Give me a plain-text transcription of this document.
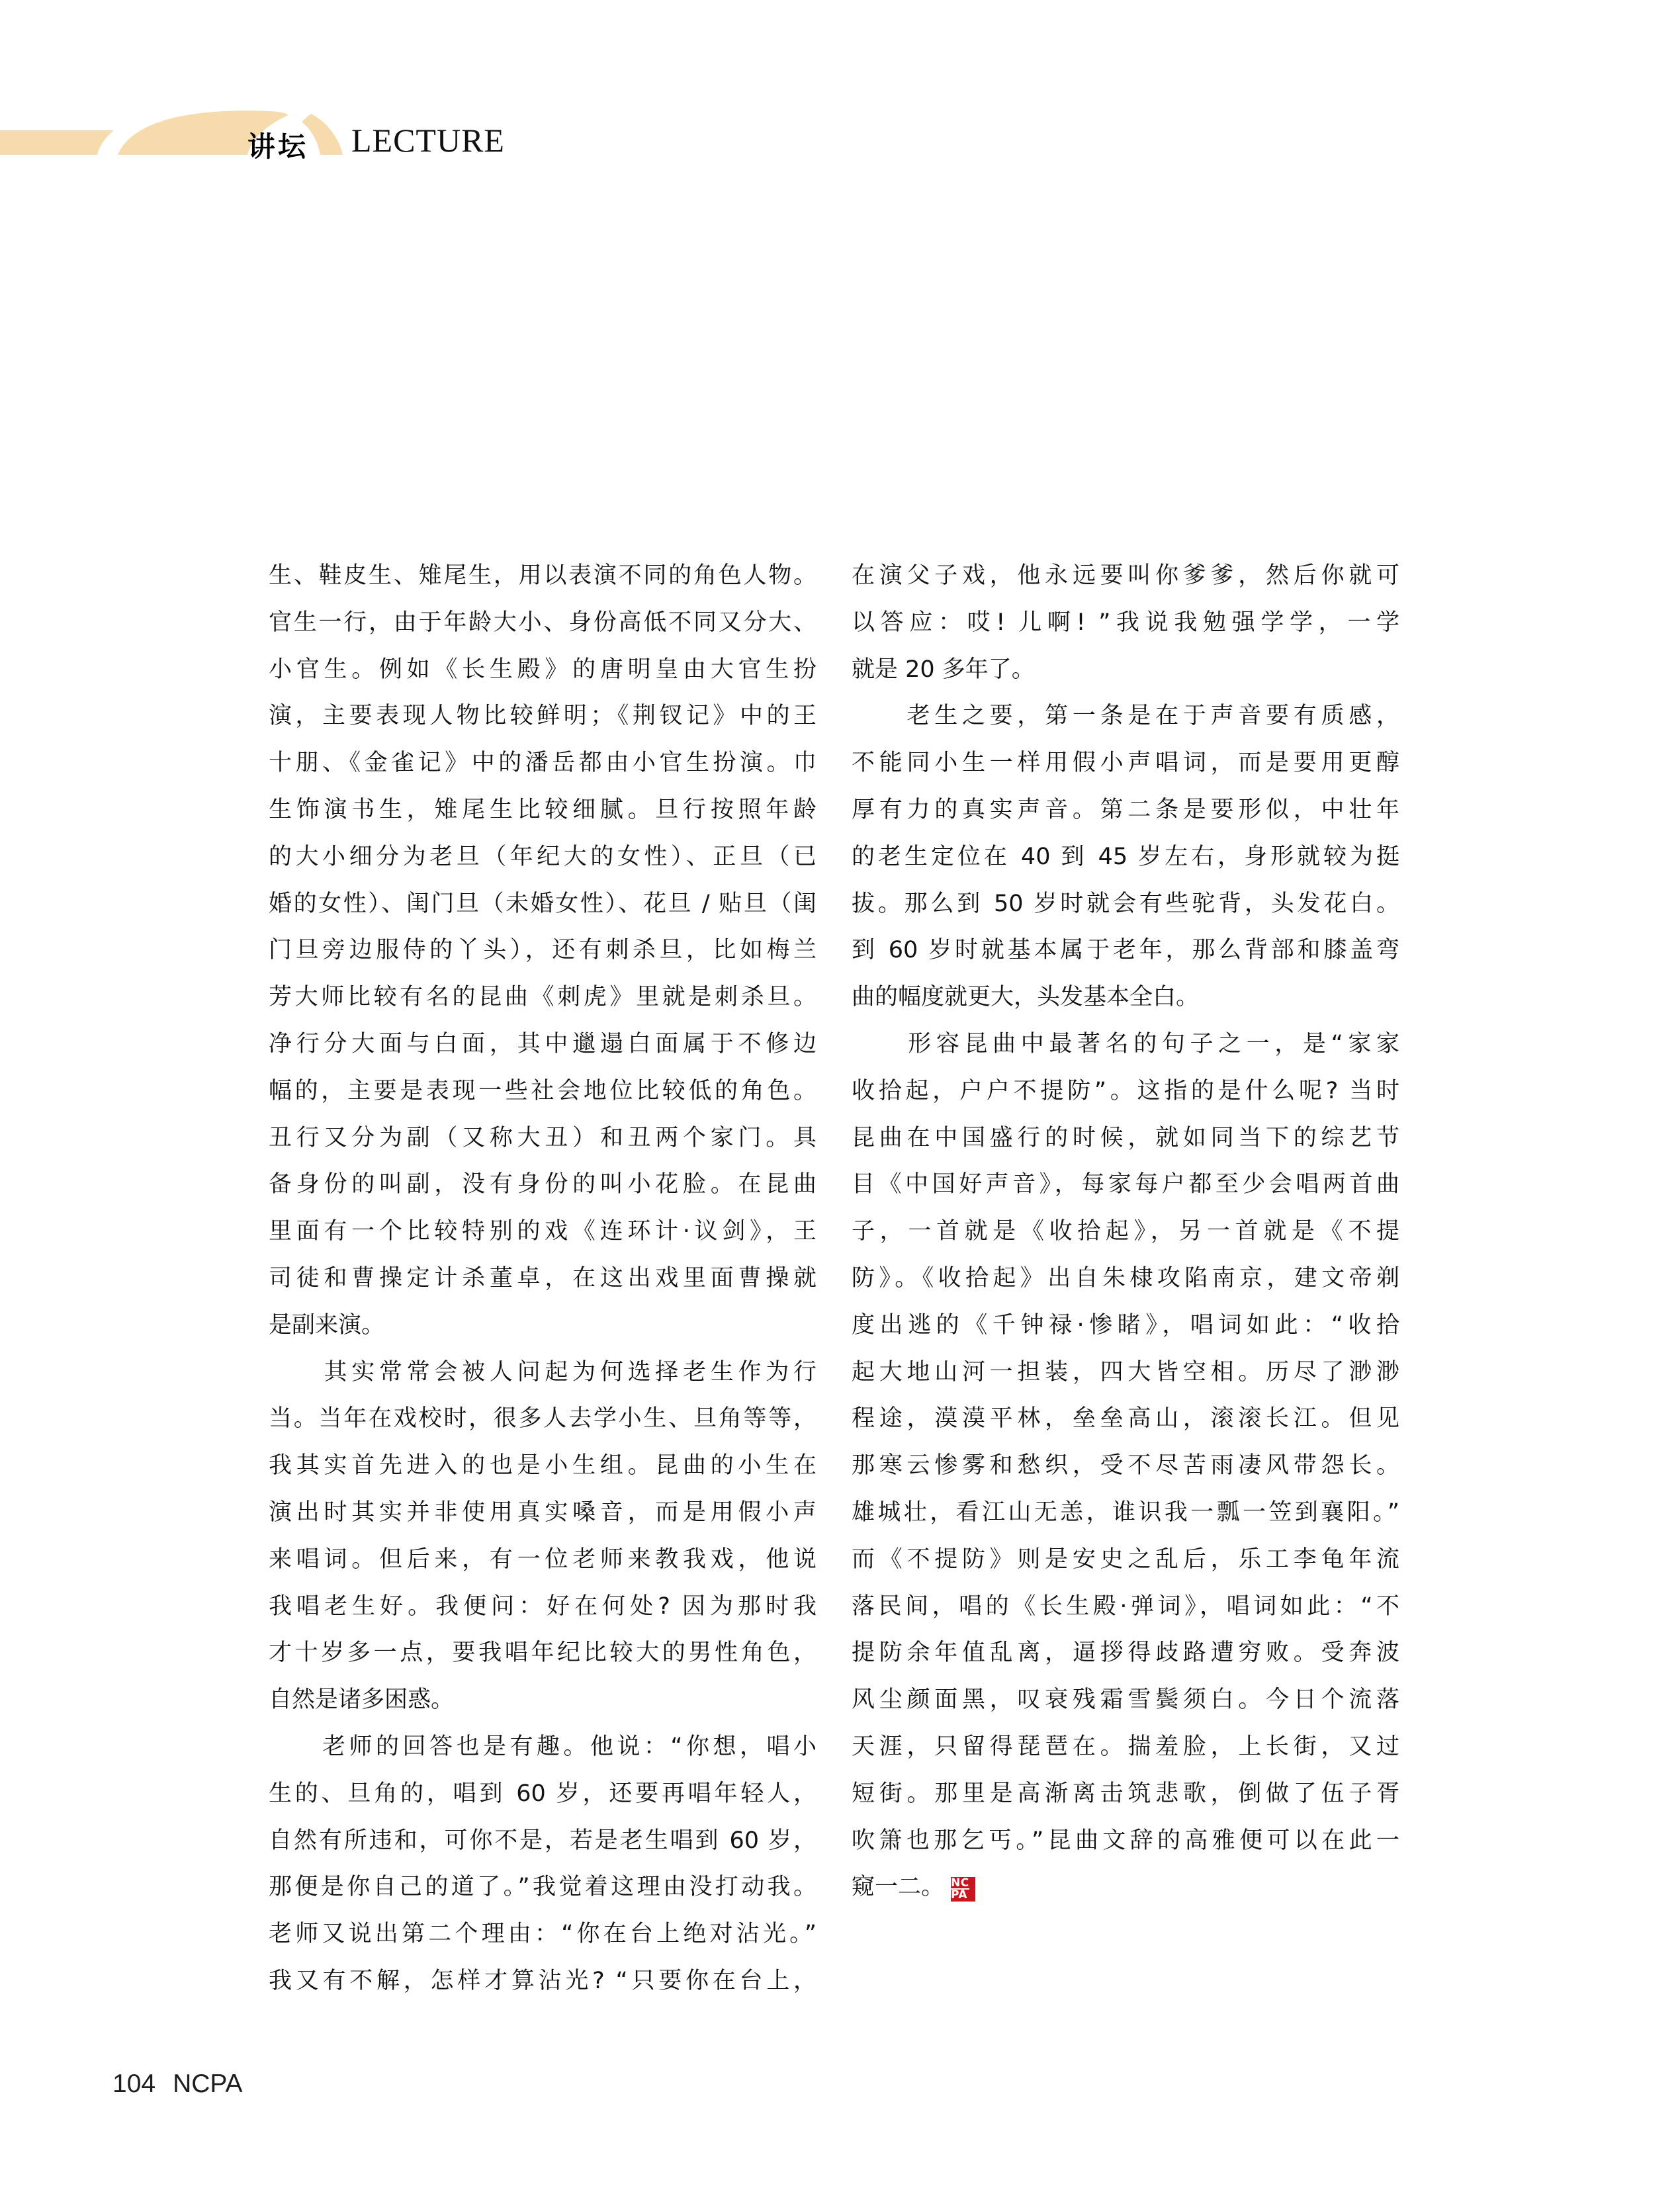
讲坛 LECTURE
生、鞋皮生、雉尾生，用以表演不同的角色人物。
官生一行，由于年龄大小、身份高低不同又分大、
小官生。例如《长生殿》的唐明皇由大官生扮
演，主要表现人物比较鲜明；《荆钗记》中的王
十朋、《金雀记》中的潘岳都由小官生扮演。巾
生饰演书生，雉尾生比较细腻。旦行按照年龄
的大小细分为老旦（年纪大的女性）、正旦（已
婚的女性）、闺门旦（未婚女性）、花旦 / 贴旦（闺
门旦旁边服侍的丫头），还有刺杀旦，比如梅兰
芳大师比较有名的昆曲《刺虎》里就是刺杀旦。
净行分大面与白面，其中邋遢白面属于不修边
幅的，主要是表现一些社会地位比较低的角色。
丑行又分为副（又称大丑）和丑两个家门。具
备身份的叫副，没有身份的叫小花脸。在昆曲
里面有一个比较特别的戏《连环计·议剑》，王
司徒和曹操定计杀董卓，在这出戏里面曹操就
是副来演。
　　其实常常会被人问起为何选择老生作为行
当。当年在戏校时，很多人去学小生、旦角等等，
我其实首先进入的也是小生组。昆曲的小生在
演出时其实并非使用真实嗓音，而是用假小声
来唱词。但后来，有一位老师来教我戏，他说
我唱老生好。我便问：好在何处? 因为那时我
才十岁多一点，要我唱年纪比较大的男性角色，
自然是诸多困惑。
　　老师的回答也是有趣。他说：“你想，唱小
生的、旦角的，唱到 60 岁，还要再唱年轻人，
自然有所违和，可你不是，若是老生唱到 60 岁，
那便是你自己的道了。”我觉着这理由没打动我。
老师又说出第二个理由：“你在台上绝对沾光。”
我又有不解，怎样才算沾光? “只要你在台上，
在演父子戏，他永远要叫你爹爹，然后你就可
以答应：哎! 儿啊! ”我说我勉强学学，一学
就是 20 多年了。
　　老生之要，第一条是在于声音要有质感，
不能同小生一样用假小声唱词，而是要用更醇
厚有力的真实声音。第二条是要形似，中壮年
的老生定位在 40 到 45 岁左右，身形就较为挺
拔。那么到 50 岁时就会有些驼背，头发花白。
到 60 岁时就基本属于老年，那么背部和膝盖弯
曲的幅度就更大，头发基本全白。
　　形容昆曲中最著名的句子之一，是“家家
收拾起，户户不提防”。这指的是什么呢? 当时
昆曲在中国盛行的时候，就如同当下的综艺节
目《中国好声音》，每家每户都至少会唱两首曲
子，一首就是《收拾起》，另一首就是《不提
防》。《收拾起》出自朱棣攻陷南京，建文帝剃
度出逃的《千钟禄·惨睹》，唱词如此：“收拾
起大地山河一担装，四大皆空相。历尽了渺渺
程途，漠漠平林，垒垒高山，滚滚长江。但见
那寒云惨雾和愁织，受不尽苦雨凄风带怨长。
雄城壮，看江山无恙，谁识我一瓢一笠到襄阳。”
而《不提防》则是安史之乱后，乐工李龟年流
落民间，唱的《长生殿·弹词》，唱词如此：“不
提防余年值乱离，逼拶得歧路遭穷败。受奔波
风尘颜面黑，叹衰残霜雪鬓须白。今日个流落
天涯，只留得琵琶在。揣羞脸，上长街，又过
短街。那里是高渐离击筑悲歌，倒做了伍子胥
吹箫也那乞丐。”昆曲文辞的高雅便可以在此一
窥一二。 $\frac{NC}{PA}$
104 NCPA
